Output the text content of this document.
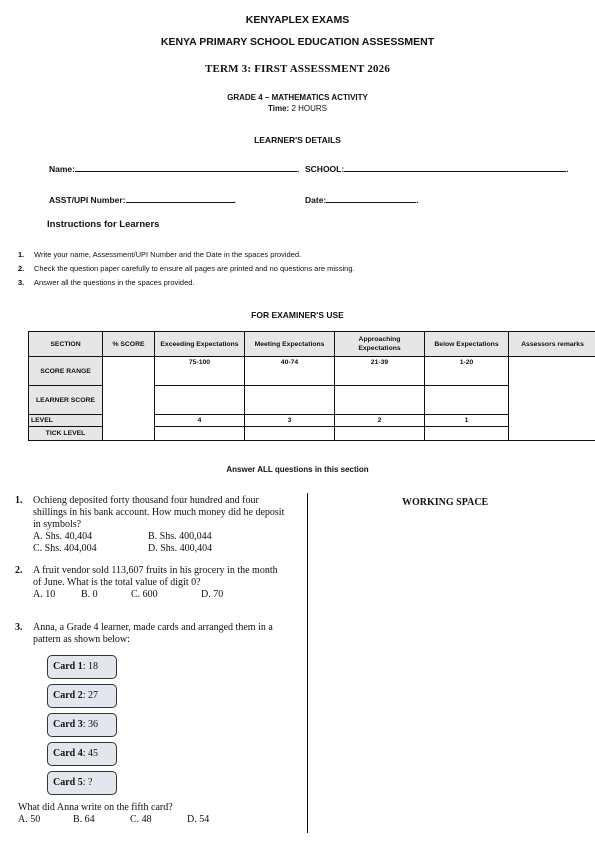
KENYAPLEX EXAMS
KENYA PRIMARY SCHOOL EDUCATION ASSESSMENT
TERM 3: FIRST ASSESSMENT 2026
GRADE 4 – MATHEMATICS ACTIVITY
Time: 2 HOURS
LEARNER'S DETAILS
Name:	. SCHOOL:	.
ASST/UPI Number:	.	Date:	.
Instructions for Learners
1. Write your name, Assessment/UPI Number and the Date in the spaces provided.
2. Check the question paper carefully to ensure all pages are printed and no questions are missing.
3. Answer all the questions in the spaces provided.
FOR EXAMINER'S USE
SECTION	% SCORE	Exceeding Expectations	Meeting Expectations	Approaching Expectations	Below Expectations	Assessors remarks
SCORE RANGE		75-100	40-74	21-39	1-20	
LEARNER SCORE						
LEVEL		4	3	2	1	
TICK LEVEL						
Answer ALL questions in this section
WORKING SPACE
1. Ochieng deposited forty thousand four hundred and four shillings in his bank account. How much money did he deposit in symbols?
A. Shs. 40,404	B. Shs. 400,044
C. Shs. 404,004	D. Shs. 400,404
2. A fruit vendor sold 113,607 fruits in his grocery in the month of June. What is the total value of digit 0?
A. 10	B. 0	C. 600	D. 70
3. Anna, a Grade 4 learner, made cards and arranged them in a pattern as shown below:
Card 1: 18
Card 2: 27
Card 3: 36
Card 4: 45
Card 5: ?
What did Anna write on the fifth card?
A. 50	B. 64	C. 48	D. 54
